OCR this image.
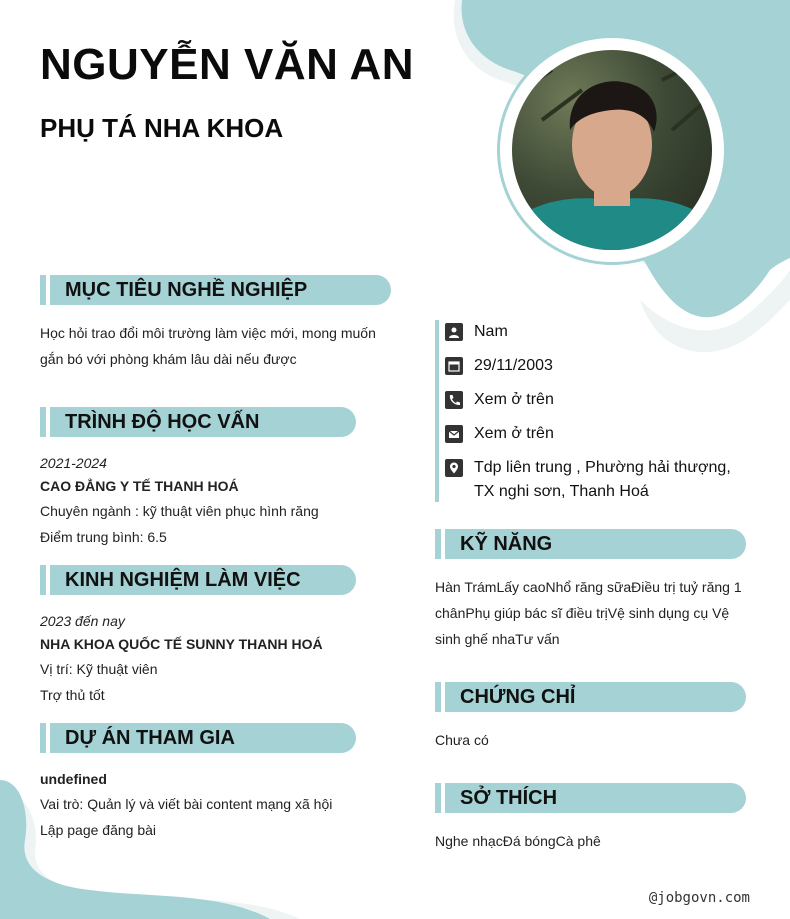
NGUYỄN VĂN AN
PHỤ TÁ NHA KHOA
MỤC TIÊU NGHỀ NGHIỆP

Học hỏi trao đổi môi trường làm việc mới, mong muốn

gắn bó với phòng khám lâu dài nếu được

TRÌNH ĐỘ HỌC VẤN

2021-2024

CAO ĐẲNG Y TẾ THANH HOÁ

Chuyên ngành : kỹ thuật viên phục hình răng

Điểm trung bình: 6.5

KINH NGHIỆM LÀM VIỆC

2023 đến nay

NHA KHOA QUỐC TẾ SUNNY THANH HOÁ

Vị trí: Kỹ thuật viên

Trợ thủ tốt

DỰ ÁN THAM GIA

undefined

Vai trò: Quản lý và viết bài content mạng xã hội

Lập page đăng bài

Nam
29/11/2003
Xem ở trên
Xem ở trên
Tdp liên trung , Phường hải thượng, TX nghi sơn, Thanh Hoá
KỸ NĂNG

Hàn TrámLấy caoNhổ răng sữaĐiều trị tuỷ răng 1

chânPhụ giúp bác sĩ điều trịVệ sinh dụng cụ Vệ

sinh ghế nhaTư vấn

CHỨNG CHỈ

Chưa có

SỞ THÍCH

Nghe nhạcĐá bóngCà phê

@jobgovn.com
